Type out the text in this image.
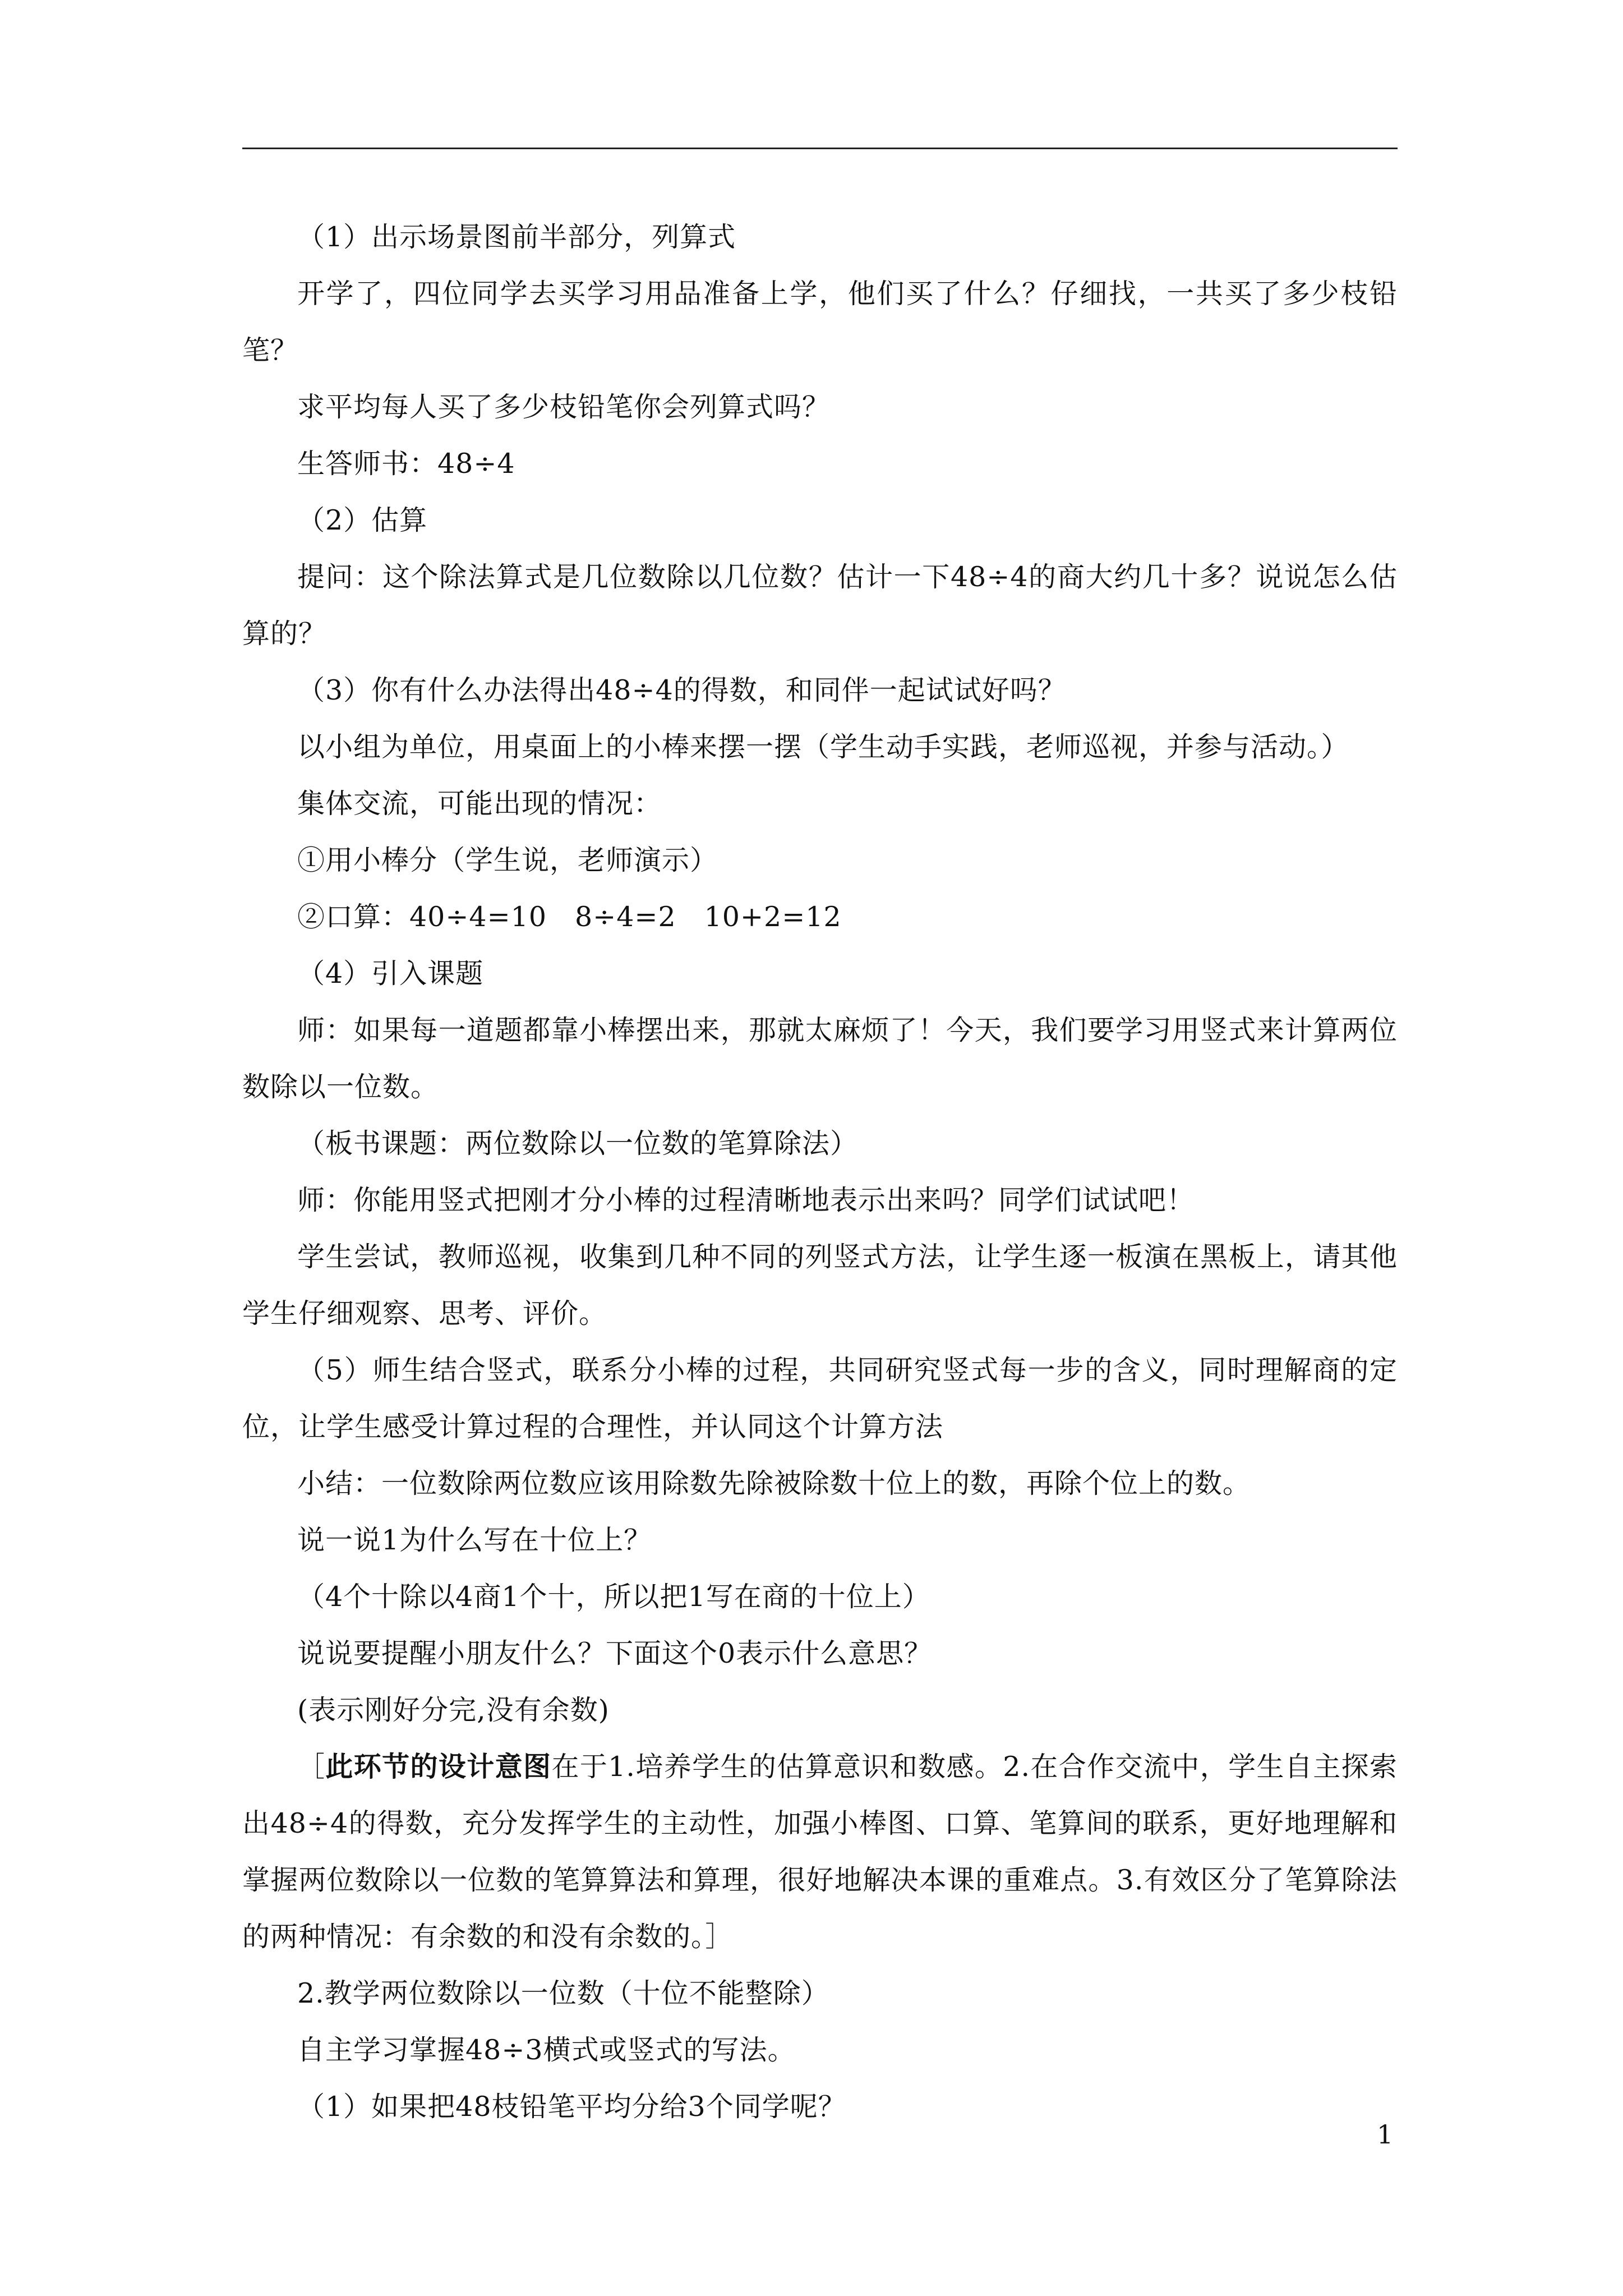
（1）出示场景图前半部分，列算式

开学了，四位同学去买学习用品准备上学，他们买了什么？仔细找，一共买了多少枝铅笔？

求平均每人买了多少枝铅笔你会列算式吗？

生答师书：48÷4

（2）估算

提问：这个除法算式是几位数除以几位数？估计一下48÷4的商大约几十多？说说怎么估算的？

（3）你有什么办法得出48÷4的得数，和同伴一起试试好吗？

以小组为单位，用桌面上的小棒来摆一摆（学生动手实践，老师巡视，并参与活动。）

集体交流，可能出现的情况：

①用小棒分（学生说，老师演示）

②口算：40÷4=10　8÷4=2　10+2=12

（4）引入课题

师：如果每一道题都靠小棒摆出来，那就太麻烦了！今天，我们要学习用竖式来计算两位数除以一位数。

（板书课题：两位数除以一位数的笔算除法）

师：你能用竖式把刚才分小棒的过程清晰地表示出来吗？同学们试试吧！

学生尝试，教师巡视，收集到几种不同的列竖式方法，让学生逐一板演在黑板上，请其他学生仔细观察、思考、评价。

（5）师生结合竖式，联系分小棒的过程，共同研究竖式每一步的含义，同时理解商的定位，让学生感受计算过程的合理性，并认同这个计算方法

小结：一位数除两位数应该用除数先除被除数十位上的数，再除个位上的数。

说一说1为什么写在十位上？

（4个十除以4商1个十，所以把1写在商的十位上）

说说要提醒小朋友什么？下面这个0表示什么意思？

(表示刚好分完,没有余数)

［此环节的设计意图在于1.培养学生的估算意识和数感。2.在合作交流中，学生自主探索出48÷4的得数，充分发挥学生的主动性，加强小棒图、口算、笔算间的联系，更好地理解和掌握两位数除以一位数的笔算算法和算理，很好地解决本课的重难点。3.有效区分了笔算除法的两种情况：有余数的和没有余数的。］

2.教学两位数除以一位数（十位不能整除）

自主学习掌握48÷3横式或竖式的写法。

（1）如果把48枝铅笔平均分给3个同学呢？

1
